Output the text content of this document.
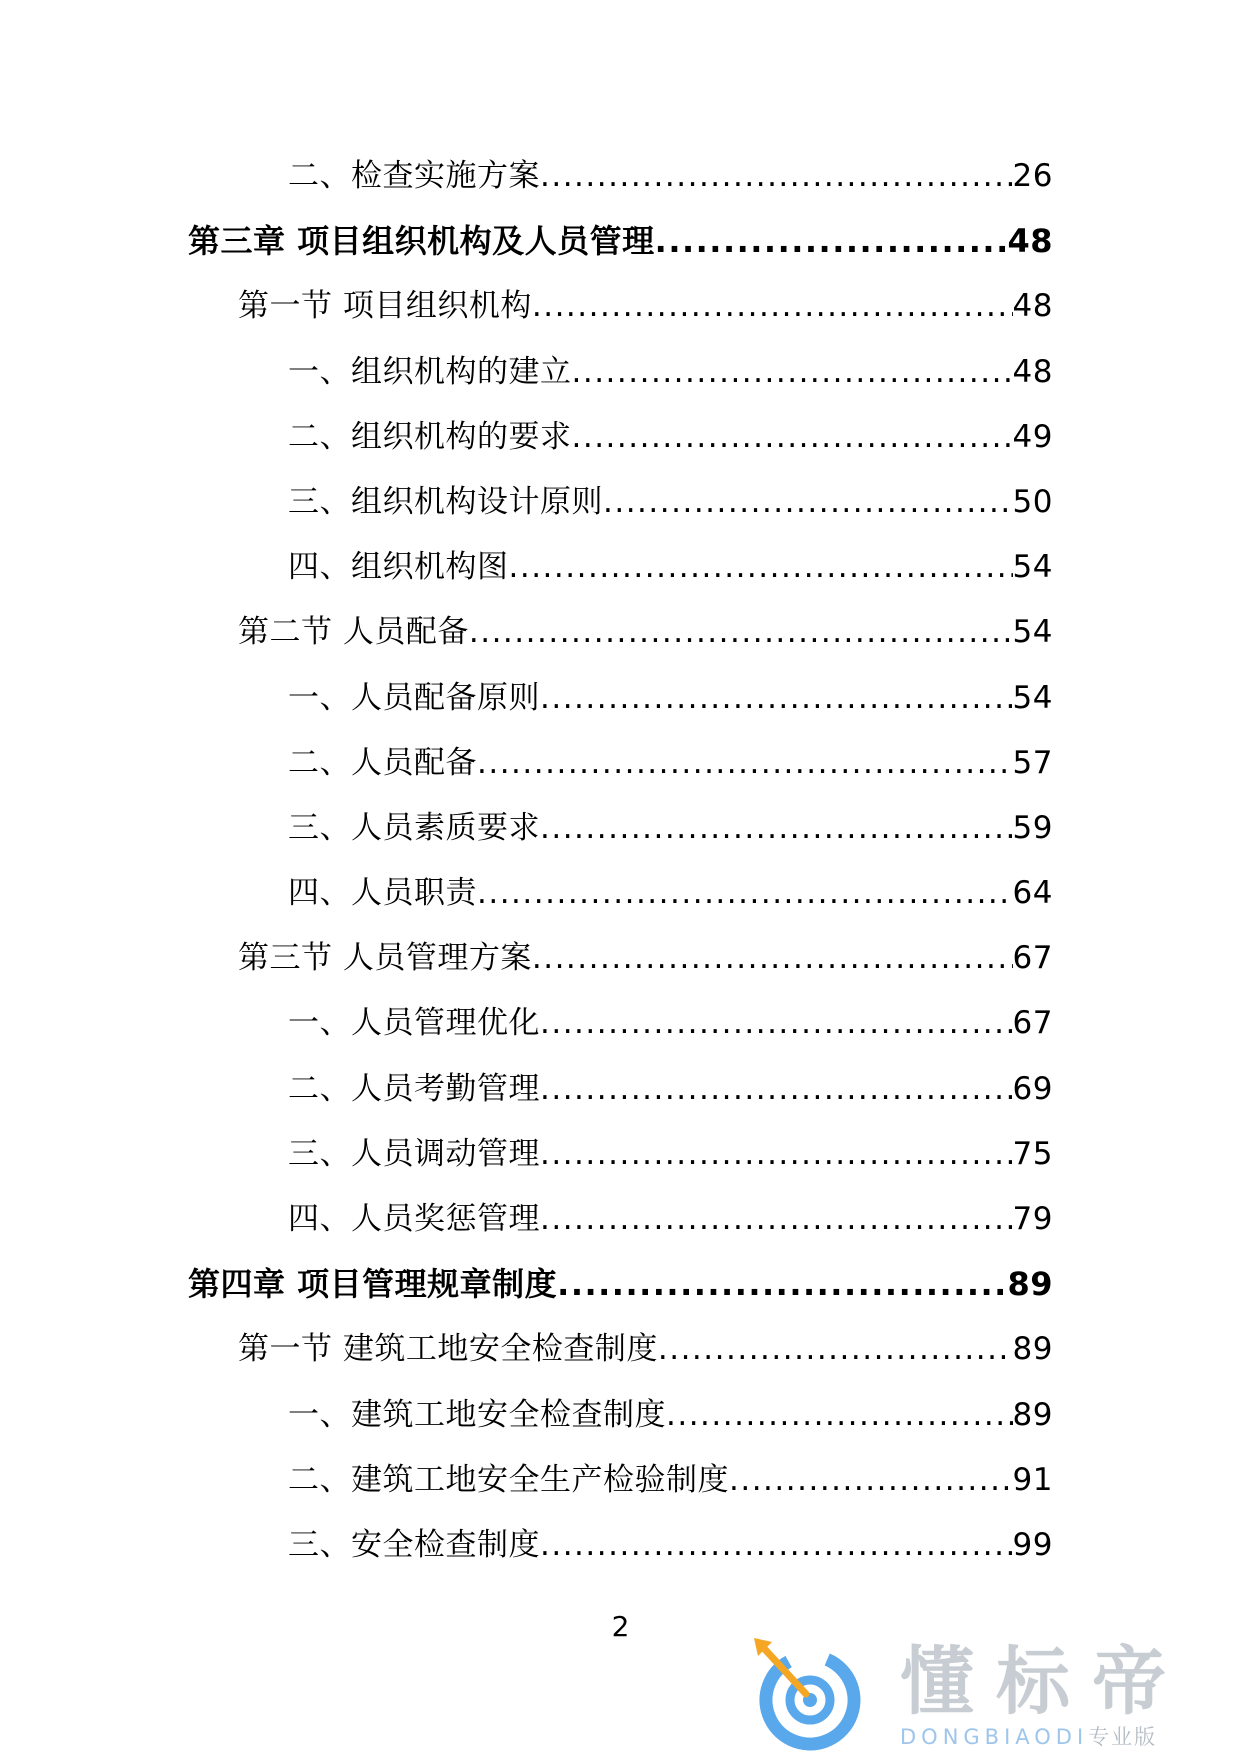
二、检查实施方案 .....	26
第三章 项目组织机构及人员管理 .....	48
第一节 项目组织机构 .....	48
一、组织机构的建立 .....	48
二、组织机构的要求 .....	49
三、组织机构设计原则 .....	50
四、组织机构图 .....	54
第二节 人员配备 .....	54
一、人员配备原则 .....	54
二、人员配备 .....	57
三、人员素质要求 .....	59
四、人员职责 .....	64
第三节 人员管理方案 .....	67
一、人员管理优化 .....	67
二、人员考勤管理 .....	69
三、人员调动管理 .....	75
四、人员奖惩管理 .....	79
第四章 项目管理规章制度 .....	89
第一节 建筑工地安全检查制度 .....	89
一、建筑工地安全检查制度 .....	89
二、建筑工地安全生产检验制度 .....	91
三、安全检查制度 .....	99
2
懂标帝
DONGBIAODI专业版
